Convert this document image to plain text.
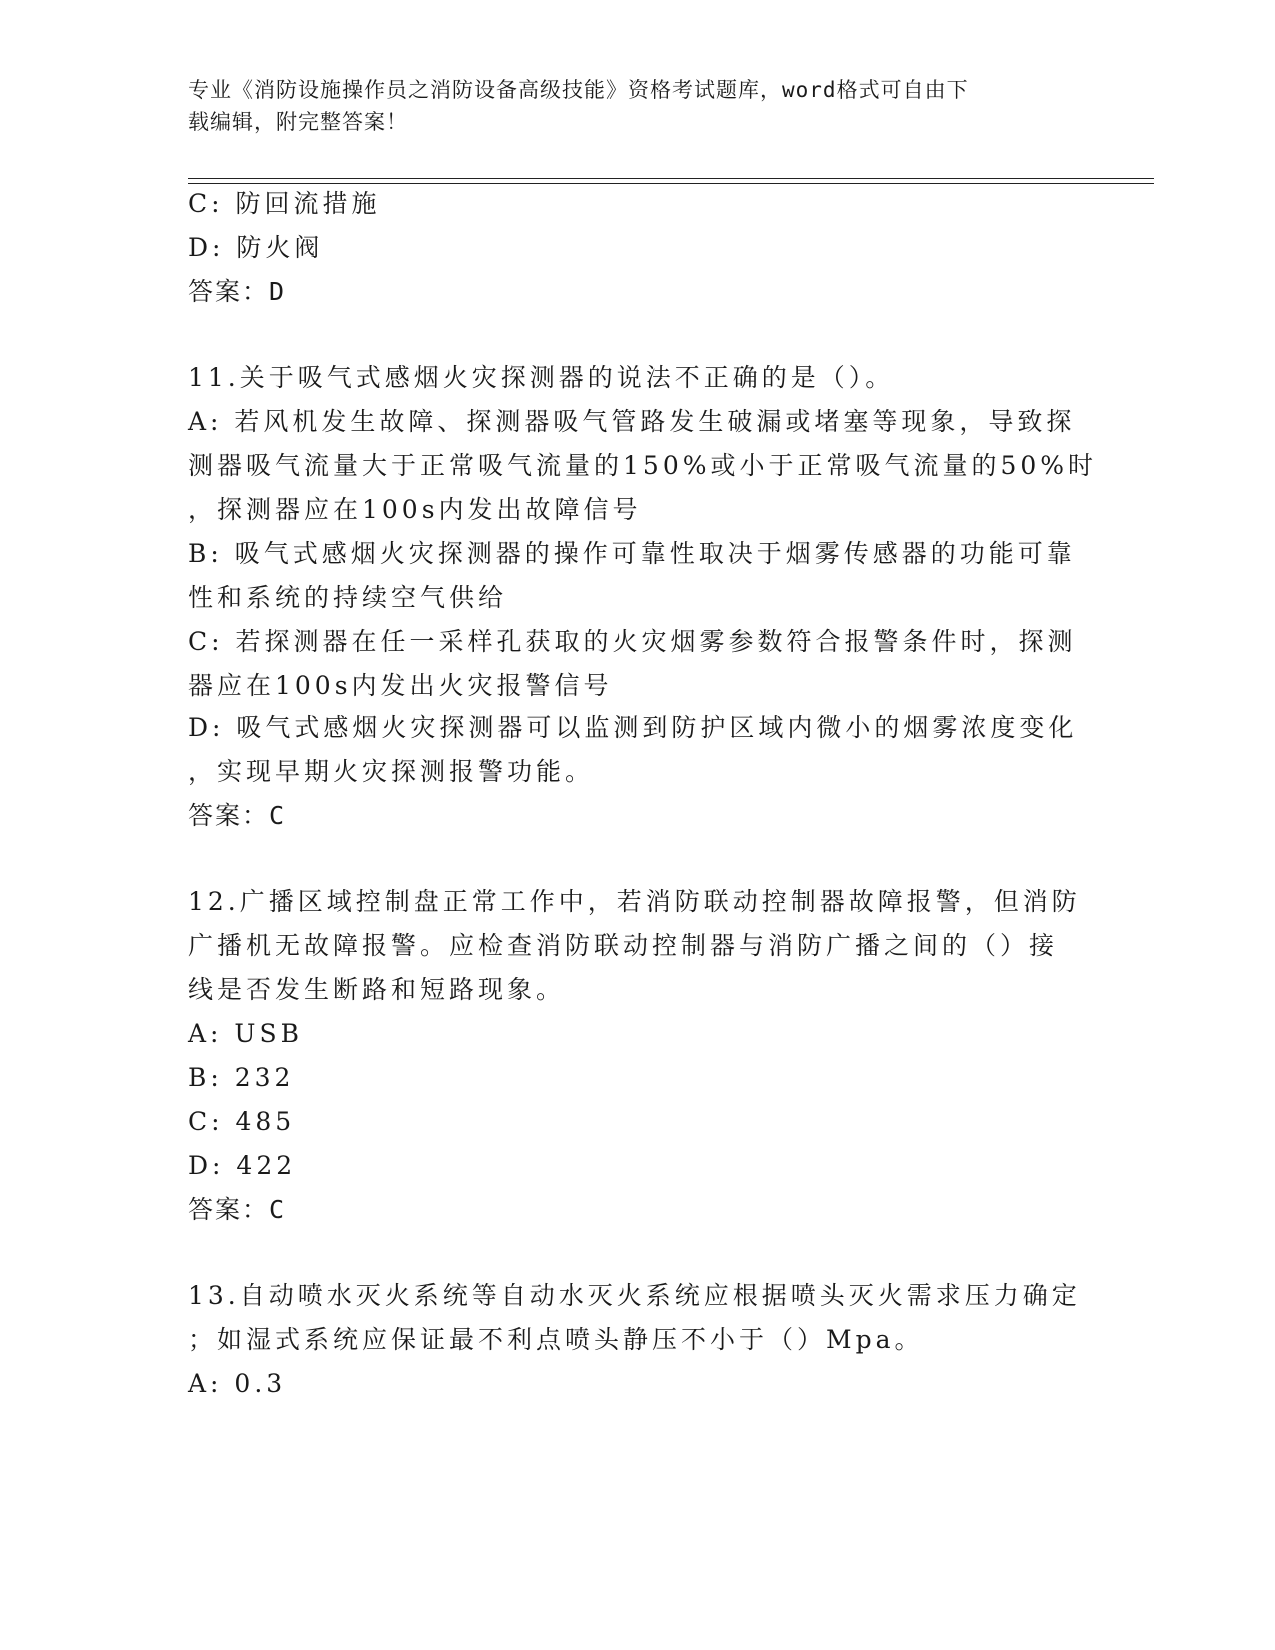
专业《消防设施操作员之消防设备高级技能》资格考试题库，word格式可自由下
载编辑，附完整答案！
C: 防回流措施
D: 防火阀
答案：D
11.关于吸气式感烟火灾探测器的说法不正确的是（）。
A: 若风机发生故障、探测器吸气管路发生破漏或堵塞等现象，导致探
测器吸气流量大于正常吸气流量的150%或小于正常吸气流量的50%时
，探测器应在100s内发出故障信号
B: 吸气式感烟火灾探测器的操作可靠性取决于烟雾传感器的功能可靠
性和系统的持续空气供给
C: 若探测器在任一采样孔获取的火灾烟雾参数符合报警条件时，探测
器应在100s内发出火灾报警信号
D: 吸气式感烟火灾探测器可以监测到防护区域内微小的烟雾浓度变化
，实现早期火灾探测报警功能。
答案：C
12.广播区域控制盘正常工作中，若消防联动控制器故障报警，但消防
广播机无故障报警。应检查消防联动控制器与消防广播之间的（）接
线是否发生断路和短路现象。
A: USB
B: 232
C: 485
D: 422
答案：C
13.自动喷水灭火系统等自动水灭火系统应根据喷头灭火需求压力确定
；如湿式系统应保证最不利点喷头静压不小于（）Mpa。
A: 0.3
